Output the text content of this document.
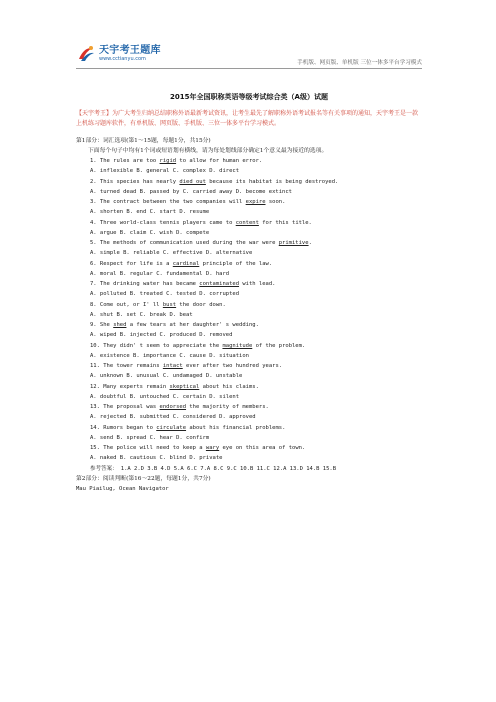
天宇考王题库
www.cctianyu.com
手机版、网页版、单机版 三位一体多平台学习模式
2015年全国职称英语等级考试综合类（A级）试题

【天宇考王】为广大考生归纳总结职称外语最新考试资讯，让考生最先了解职称外语考试报名等有关事项的通知，天宇考王是一款上机练习题库软件，有单机版、网页版、手机版、三位一体多平台学习模式。

第1部分：词汇选项(第1～15题，每题1分，共15分)

下面每个句子中均有1个词或短语划有横线，请为每处划线部分确定1个意义最为接近的选项。

1. The rules are too rigid to allow for human error.
A. inflexible B. general C. complex D. direct
2. This species has nearly died out because its habitat is being destroyed.
A. turned dead B. passed by C. carried away D. become extinct
3. The contract between the two companies will expire soon.
A. shorten B. end C. start D. resume
4. Three world-class tennis players came to content for this title.
A. argue B. claim C. wish D. compete
5. The methods of communication used during the war were primitive.
A. simple B. reliable C. effective D. alternative
6. Respect for life is a cardinal principle of the law.
A. moral B. regular C. fundamental D. hard
7. The drinking water has became contaminated with lead.
A. polluted B. treated C. tested D. corrupted
8. Come out, or I' ll bust the door down.
A. shut B. set C. break D. beat
9. She shed a few tears at her daughter' s wedding.
A. wiped B. injected C. produced D. removed
10. They didn' t seem to appreciate the magnitude of the problem.
A. existence B. importance C. cause D. situation
11. The tower remains intact ever after two hundred years.
A. unknown B. unusual C. undamaged D. unstable
12. Many experts remain skeptical about his claims.
A. doubtful B. untouched C. certain D. silent
13. The proposal was endorsed the majority of members.
A. rejected B. submitted C. considered D. approved
14. Rumors began to circulate about his financial problems.
A. send B. spread C. hear D. confirm
15. The police will need to keep a wary eye on this area of town.
A. naked B. cautious C. blind D. private
参考答案： 1.A 2.D 3.B 4.D 5.A 6.C 7.A 8.C 9.C 10.B 11.C 12.A 13.D 14.B 15.B
第2部分：阅读判断(第16～22题，每题1分，共7分)
Mau Piailug, Ocean Navigator
